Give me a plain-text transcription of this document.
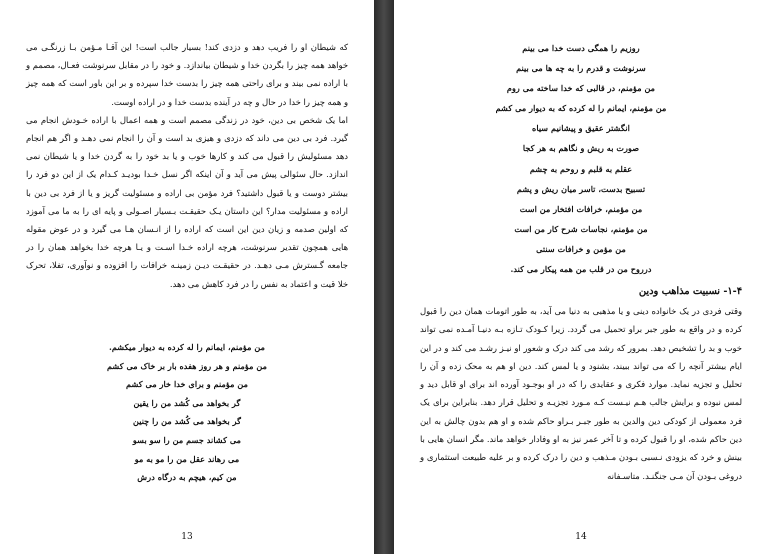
که شیطان او را فریب دهد و دزدی کند! بسیار جالب است! این آقـا مـؤمن بـا زرنگـی می خواهد همه چیز را بگردن خدا و شیطان بیاندازد. و خود را در مقابل سرنوشت فعـال، مصمم و با اراده نمی بیند و برای راحتی همه چیز را بدست خدا سپرده و بر این باور است که همه چیز و همه چیز را خدا در حال و چه در آینده بدست خدا و در اراده اوست.

اما یک شخص بی دین، خود در زندگی مصمم است و همه اعمال با اراده خـودش انجام می گیرد. فرد بی دین می داند که دزدی و هیزی بد است و آن را انجام نمی دهـد و اگر هم انجام دهد مسئولیش را قبول می کند و کارها خوب و یا بد خود را به گردن خدا و یا شیطان نمی اندازد. حال سئوالی پیش می آید و آن اینکه اگر نسل خـدا بودیـد کـدام یک از این دو فرد را بیشتر دوست و یا قبول داشتید؟ فرد مؤمن بی اراده و مسئولیت گریز و یا از فرد بی دین با اراده و مسئولیت مدار؟ این داستان یـک حقیقـت بـسیار اصـولی و پایه ای را به ما می آموزد که اولین صدمه و زیان دین این است که اراده را از انـسان هـا می گیرد و در عوض مقوله هایی همچون تقدیر سرنوشت، هرچه اراده خـدا اسـت و یـا هرچه خدا بخواهد همان را در جامعه گـسترش مـی دهـد. در حقیقـت دیـن زمینـه خرافات را افزوده و نوآوری، تفلا، تحرک خلا قیت و اعتماد به نفس را در فرد کاهش می دهد.

من مؤمنم، ایمانم را له کرده به دیوار میکشم.
من مؤمنم و هر روز هفده بار بر خاک می کشم
من مؤمنم و برای خدا خار می کشم
گر بخواهد می کُشد من را یقین
گر بخواهد می کُشد من را چنین
می کشاند جسم من را سو بسو
می رهاند عقل من را مو به مو
من کیم، هیچم به درگاه درش
13
روزیم را همگی دست خدا می بینم
سرنوشت و قدرم را به چه ها می بینم
من مؤمنم، در قالبی که خدا ساخته می روم
من مؤمنم، ایمانم را له کرده که به دیوار می کشم
انگشتر عقیق و پیشانیم سیاه
صورت به ریش و نگاهم به هر کجا
عقلم به قلبم و روحم به چشم
تسبیح بدست، تاسر میان ریش و پشم
من مؤمنم، خرافات افتخار من است
من مؤمنم، نجاسات شرح کار من است
من مؤمن و خرافات سنتی
درروح من در قلب من همه پیکار می کند.
۱-۴- نسبیت مذاهب ودین

وقتی فردی در یک خانواده دینی و یا مذهبی به دنیا می آید، به طور اتومات همان دین را قبول کرده و در واقع به طور جبر براو تحمیل می گردد. زیرا کـودک تـازه بـه دنیـا آمـده نمی تواند خوب و بد را تشخیص دهد. بمرور که رشد می کند درک و شعور او نیـز رشـد می کند و در این ایام بیشتر آنچه را که می تواند ببیند، بشنود و یا لمس کند. دین او هم به محک زده و آن را تحلیل و تجزیه نماید. موارد فکری و عقایدی را که در او بوجـود آورده اند برای او قابل دید و لمس نبوده و برایش جالب هـم نیـست کـه مـورد تجزیـه و تحلیل قرار دهد. بنابراین برای یک فرد معمولی از کودکی دین والدین به طور جبـر بـراو حاکم شده و او هم بدون چالش به این دین حاکم شده، او را قبول کرده و تا آخر عمر نیز به او وفادار خواهد ماند. مگر انسان هایی با بینش و خرد که یزودی نـسبی بـودن مـذهب و دین را درک کرده و بر علیه طبیعت استثماری و دروغی بـودن آن مـی جنگنـد. متاسـفانه

14
